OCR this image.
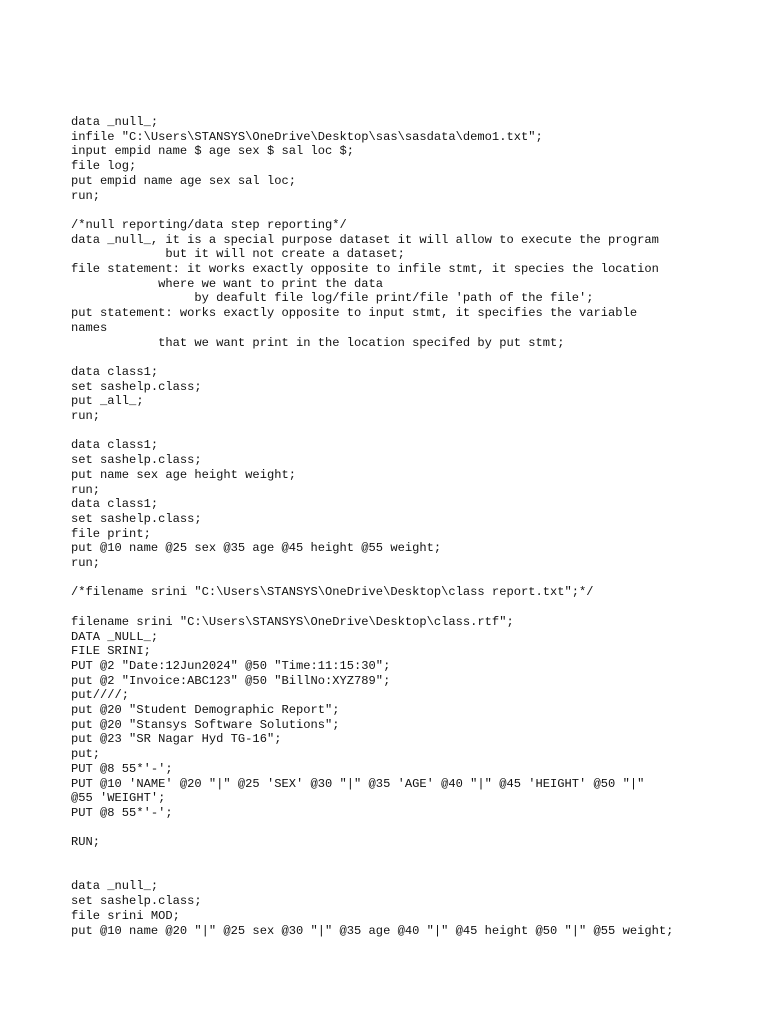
data _null_;
infile "C:\Users\STANSYS\OneDrive\Desktop\sas\sasdata\demo1.txt";
input empid name $ age sex $ sal loc $;
file log;
put empid name age sex sal loc;
run;
/*null reporting/data step reporting*/
data _null_, it is a special purpose dataset it will allow to execute the program
but it will not create a dataset;
file statement: it works exactly opposite to infile stmt, it species the location
where we want to print the data
by deafult file log/file print/file 'path of the file';
put statement: works exactly opposite to input stmt, it specifies the variable
names
that we want print in the location specifed by put stmt;
data class1;
set sashelp.class;
put _all_;
run;
data class1;
set sashelp.class;
put name sex age height weight;
run;
data class1;
set sashelp.class;
file print;
put @10 name @25 sex @35 age @45 height @55 weight;
run;
/*filename srini "C:\Users\STANSYS\OneDrive\Desktop\class report.txt";*/
filename srini "C:\Users\STANSYS\OneDrive\Desktop\class.rtf";
DATA _NULL_;
FILE SRINI;
PUT @2 "Date:12Jun2024" @50 "Time:11:15:30";
put @2 "Invoice:ABC123" @50 "BillNo:XYZ789";
put////;
put @20 "Student Demographic Report";
put @20 "Stansys Software Solutions";
put @23 "SR Nagar Hyd TG-16";
put;
PUT @8 55*'-';
PUT @10 'NAME' @20 "|" @25 'SEX' @30 "|" @35 'AGE' @40 "|" @45 'HEIGHT' @50 "|"
@55 'WEIGHT';
PUT @8 55*'-';
RUN;
data _null_;
set sashelp.class;
file srini MOD;
put @10 name @20 "|" @25 sex @30 "|" @35 age @40 "|" @45 height @50 "|" @55 weight;
